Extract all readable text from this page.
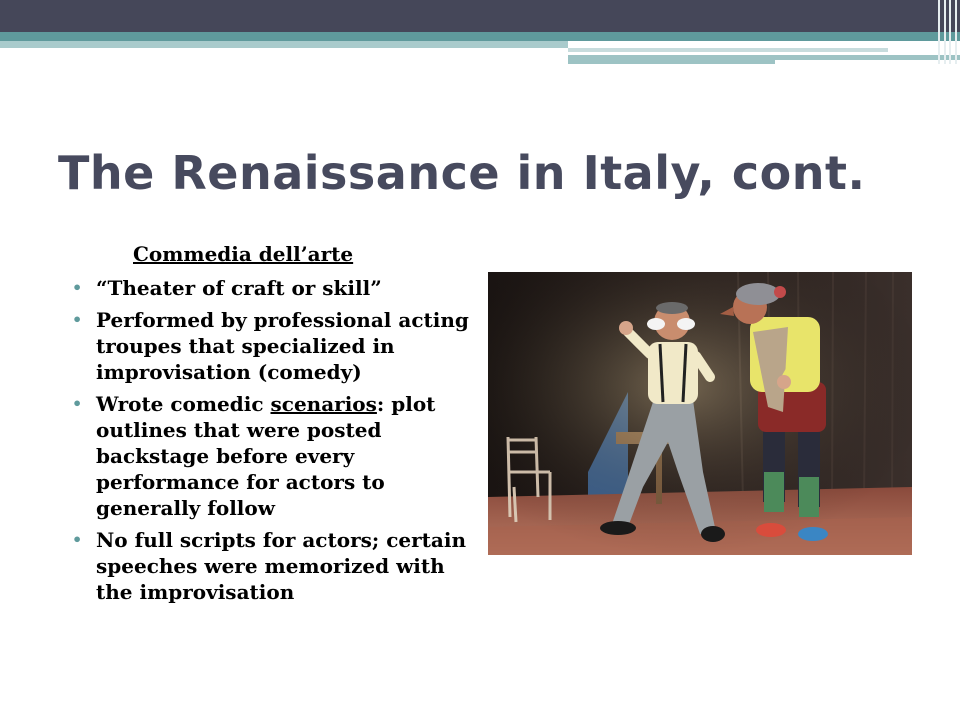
The Renaissance in Italy, cont.
Commedia dell’arte
• “Theater of craft or skill”
• Performed by professional acting troupes that specialized in improvisation (comedy)
• Wrote comedic scenarios: plot outlines that were posted backstage before every performance for actors to generally follow
• No full scripts for actors; certain speeches were memorized with the improvisation
